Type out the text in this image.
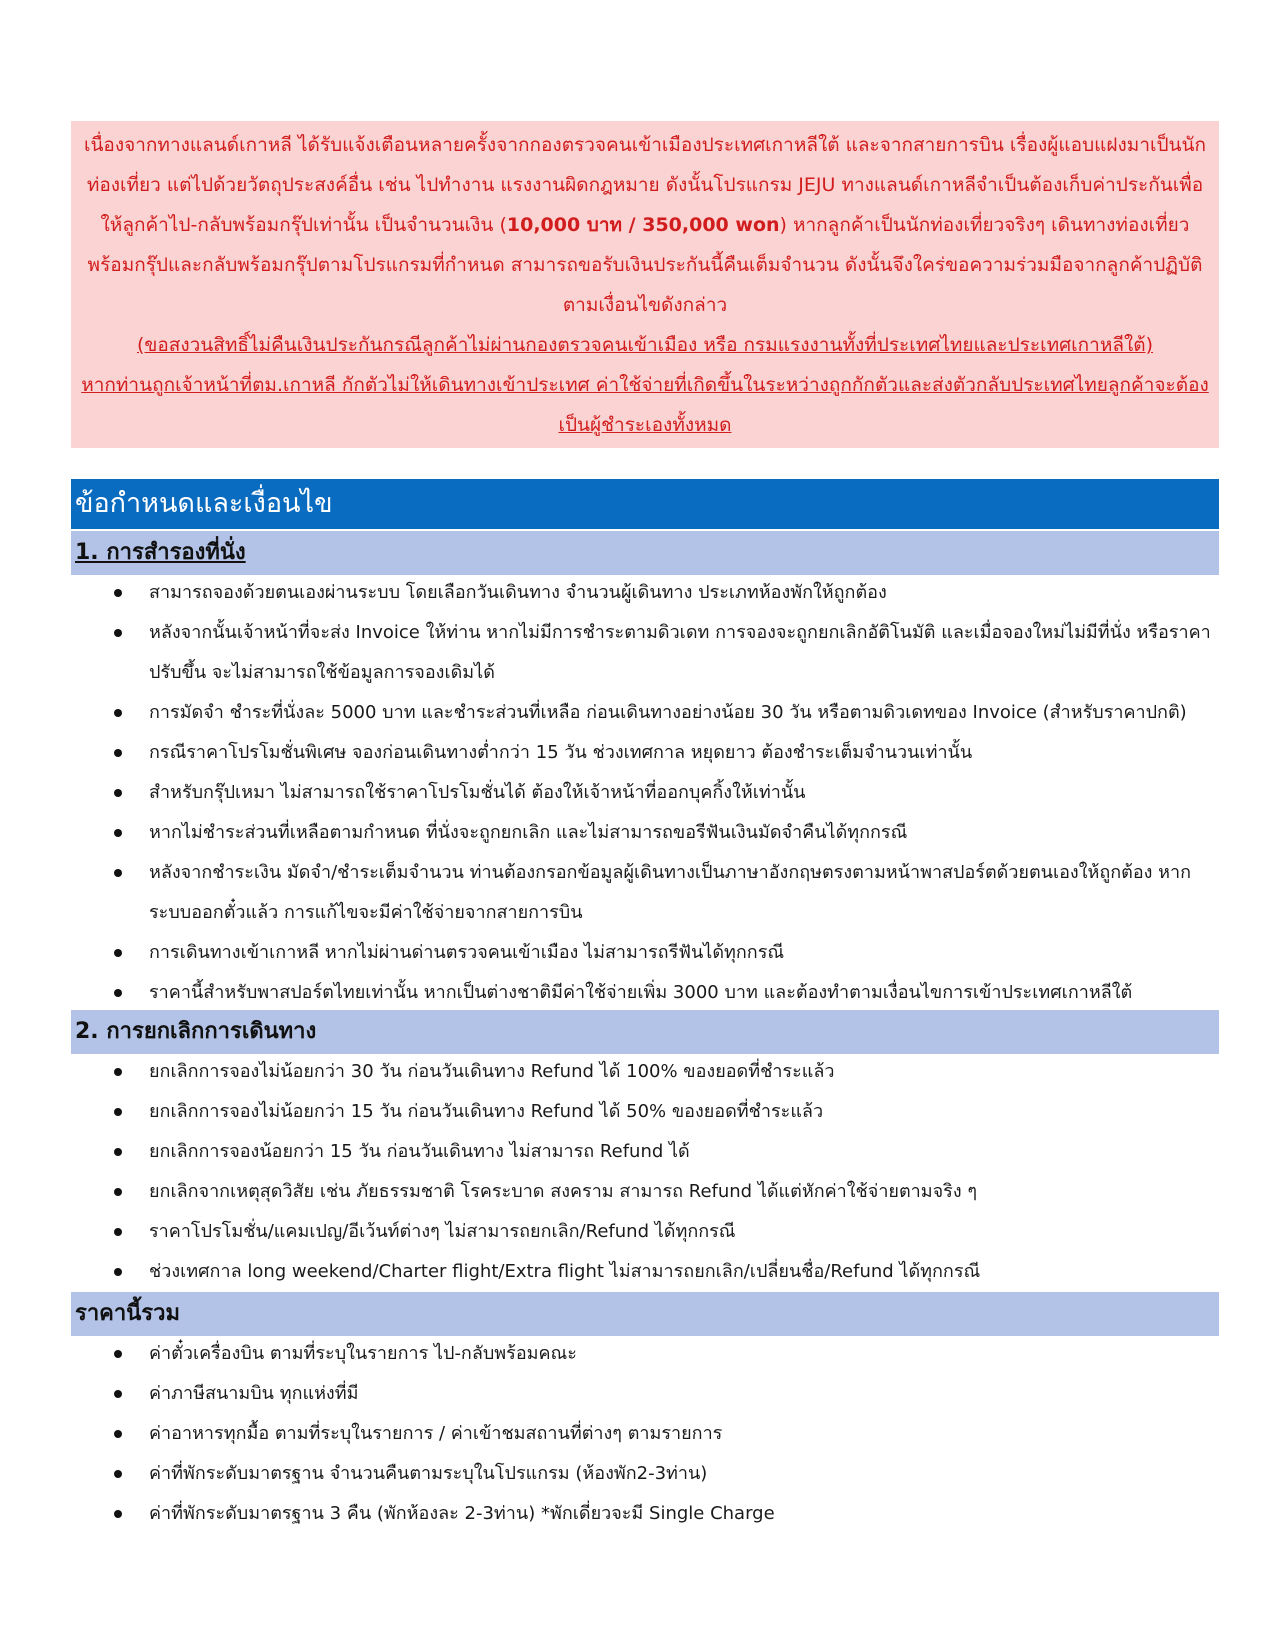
เนื่องจากทางแลนด์เกาหลี ได้รับแจ้งเตือนหลายครั้งจากกองตรวจคนเข้าเมืองประเทศเกาหลีใต้ และจากสายการบิน เรื่องผู้แอบแฝงมาเป็นนักท่องเที่ยว แต่ไปด้วยวัตถุประสงค์อื่น เช่น ไปทำงาน แรงงานผิดกฎหมาย ดังนั้นโปรแกรม JEJU ทางแลนด์เกาหลีจำเป็นต้องเก็บค่าประกันเพื่อให้ลูกค้าไป-กลับพร้อมกรุ๊ปเท่านั้น เป็นจำนวนเงิน (10,000 บาท / 350,000 won) หากลูกค้าเป็นนักท่องเที่ยวจริงๆ เดินทางท่องเที่ยวพร้อมกรุ๊ปและกลับพร้อมกรุ๊ปตามโปรแกรมที่กำหนด สามารถขอรับเงินประกันนี้คืนเต็มจำนวน ดังนั้นจึงใคร่ขอความร่วมมือจากลูกค้าปฏิบัติตามเงื่อนไขดังกล่าว

(ขอสงวนสิทธิ์ไม่คืนเงินประกันกรณีลูกค้าไม่ผ่านกองตรวจคนเข้าเมือง หรือ กรมแรงงานทั้งที่ประเทศไทยและประเทศเกาหลีใต้)

หากท่านถูกเจ้าหน้าที่ตม.เกาหลี กักตัวไม่ให้เดินทางเข้าประเทศ ค่าใช้จ่ายที่เกิดขึ้นในระหว่างถูกกักตัวและส่งตัวกลับประเทศไทยลูกค้าจะต้องเป็นผู้ชำระเองทั้งหมด

ข้อกำหนดและเงื่อนไข
1. การสำรองที่นั่ง
สามารถจองด้วยตนเองผ่านระบบ โดยเลือกวันเดินทาง จำนวนผู้เดินทาง ประเภทห้องพักให้ถูกต้อง
หลังจากนั้นเจ้าหน้าที่จะส่ง Invoice ให้ท่าน หากไม่มีการชำระตามดิวเดท การจองจะถูกยกเลิกอัติโนมัติ และเมื่อจองใหม่ไม่มีที่นั่ง หรือราคาปรับขึ้น จะไม่สามารถใช้ข้อมูลการจองเดิมได้
การมัดจำ ชำระที่นั่งละ 5000 บาท และชำระส่วนที่เหลือ ก่อนเดินทางอย่างน้อย 30 วัน หรือตามดิวเดทของ Invoice (สำหรับราคาปกติ)
กรณีราคาโปรโมชั่นพิเศษ จองก่อนเดินทางต่ำกว่า 15 วัน ช่วงเทศกาล หยุดยาว ต้องชำระเต็มจำนวนเท่านั้น
สำหรับกรุ๊ปเหมา ไม่สามารถใช้ราคาโปรโมชั่นได้ ต้องให้เจ้าหน้าที่ออกบุคกิ้งให้เท่านั้น
หากไม่ชำระส่วนที่เหลือตามกำหนด ที่นั่งจะถูกยกเลิก และไม่สามารถขอรีฟันเงินมัดจำคืนได้ทุกกรณี
หลังจากชำระเงิน มัดจำ/ชำระเต็มจำนวน ท่านต้องกรอกข้อมูลผู้เดินทางเป็นภาษาอังกฤษตรงตามหน้าพาสปอร์ตด้วยตนเองให้ถูกต้อง หากระบบออกตั๋วแล้ว การแก้ไขจะมีค่าใช้จ่ายจากสายการบิน
การเดินทางเข้าเกาหลี หากไม่ผ่านด่านตรวจคนเข้าเมือง ไม่สามารถรีฟันได้ทุกกรณี
ราคานี้สำหรับพาสปอร์ตไทยเท่านั้น หากเป็นต่างชาติมีค่าใช้จ่ายเพิ่ม 3000 บาท และต้องทำตามเงื่อนไขการเข้าประเทศเกาหลีใต้
2. การยกเลิกการเดินทาง
ยกเลิกการจองไม่น้อยกว่า 30 วัน ก่อนวันเดินทาง Refund ได้ 100% ของยอดที่ชำระแล้ว
ยกเลิกการจองไม่น้อยกว่า 15 วัน ก่อนวันเดินทาง Refund ได้ 50% ของยอดที่ชำระแล้ว
ยกเลิกการจองน้อยกว่า 15 วัน ก่อนวันเดินทาง ไม่สามารถ Refund ได้
ยกเลิกจากเหตุสุดวิสัย เช่น ภัยธรรมชาติ โรคระบาด สงคราม สามารถ Refund ได้แต่หักค่าใช้จ่ายตามจริง ๆ
ราคาโปรโมชั่น/แคมเปญ/อีเว้นท์ต่างๆ ไม่สามารถยกเลิก/Refund ได้ทุกกรณี
ช่วงเทศกาล long weekend/Charter flight/Extra flight ไม่สามารถยกเลิก/เปลี่ยนชื่อ/Refund ได้ทุกกรณี
ราคานี้รวม
ค่าตั๋วเครื่องบิน ตามที่ระบุในรายการ ไป-กลับพร้อมคณะ
ค่าภาษีสนามบิน ทุกแห่งที่มี
ค่าอาหารทุกมื้อ ตามที่ระบุในรายการ / ค่าเข้าชมสถานที่ต่างๆ ตามรายการ
ค่าที่พักระดับมาตรฐาน จำนวนคืนตามระบุในโปรแกรม (ห้องพัก2-3ท่าน)
ค่าที่พักระดับมาตรฐาน 3 คืน (พักห้องละ 2-3ท่าน) *พักเดี่ยวจะมี Single Charge
